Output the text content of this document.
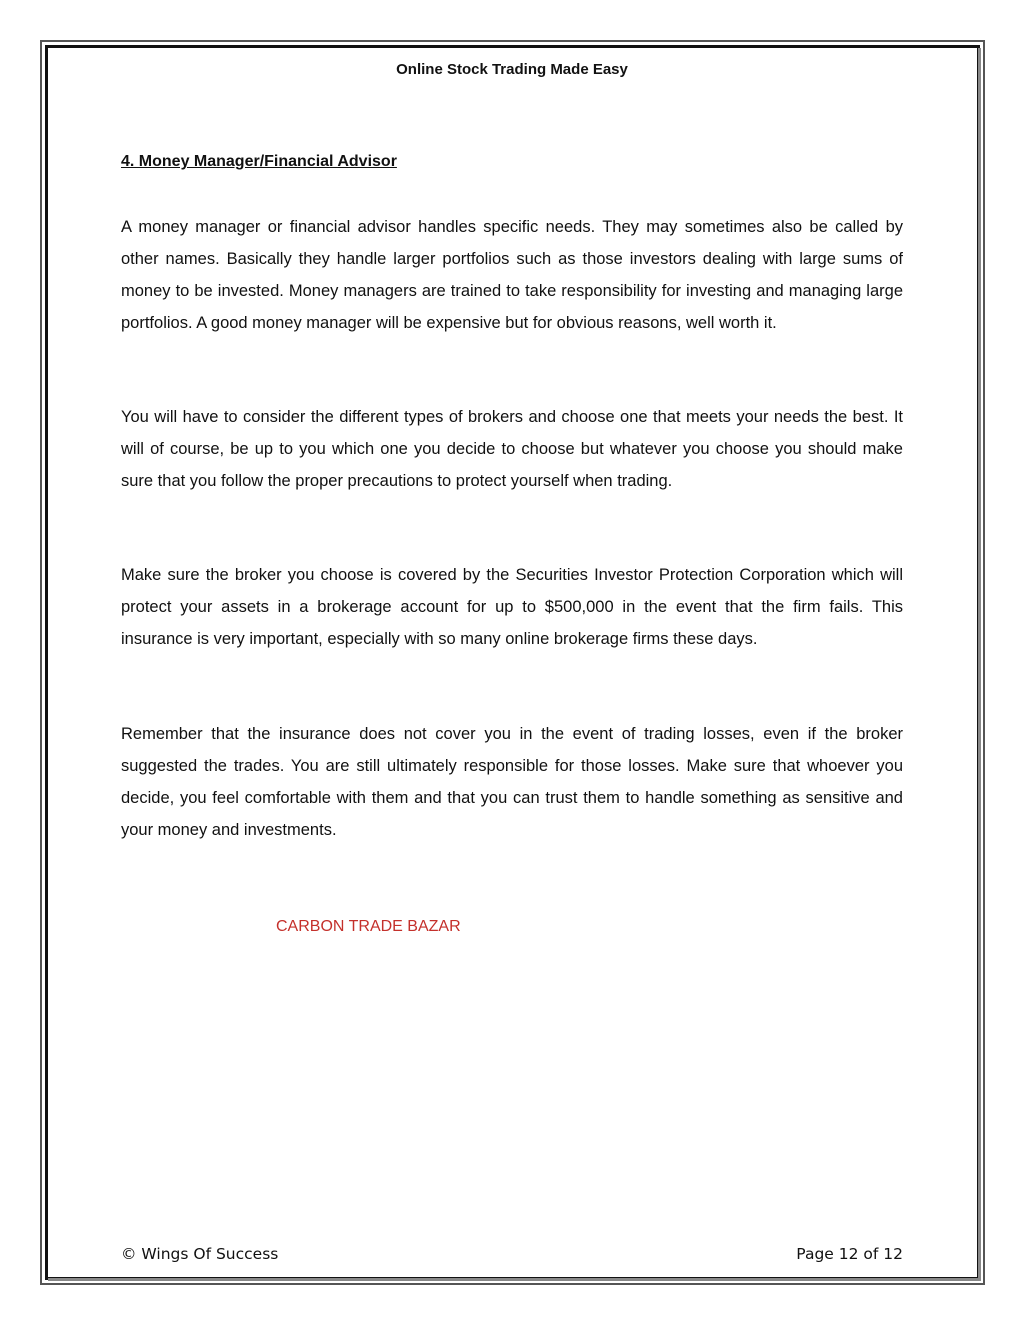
Online Stock Trading Made Easy
4. Money Manager/Financial Advisor

A money manager or financial advisor handles specific needs. They may sometimes also be called by other names. Basically they handle larger portfolios such as those investors dealing with large sums of money to be invested. Money managers are trained to take responsibility for investing and managing large portfolios. A good money manager will be expensive but for obvious reasons, well worth it.

You will have to consider the different types of brokers and choose one that meets your needs the best. It will of course, be up to you which one you decide to choose but whatever you choose you should make sure that you follow the proper precautions to protect yourself when trading.

Make sure the broker you choose is covered by the Securities Investor Protection Corporation which will protect your assets in a brokerage account for up to $500,000 in the event that the firm fails. This insurance is very important, especially with so many online brokerage firms these days.

Remember that the insurance does not cover you in the event of trading losses, even if the broker suggested the trades. You are still ultimately responsible for those losses. Make sure that whoever you decide, you feel comfortable with them and that you can trust them to handle something as sensitive and your money and investments.

CARBON TRADE BAZAR
© Wings Of Success	Page 12 of 12
